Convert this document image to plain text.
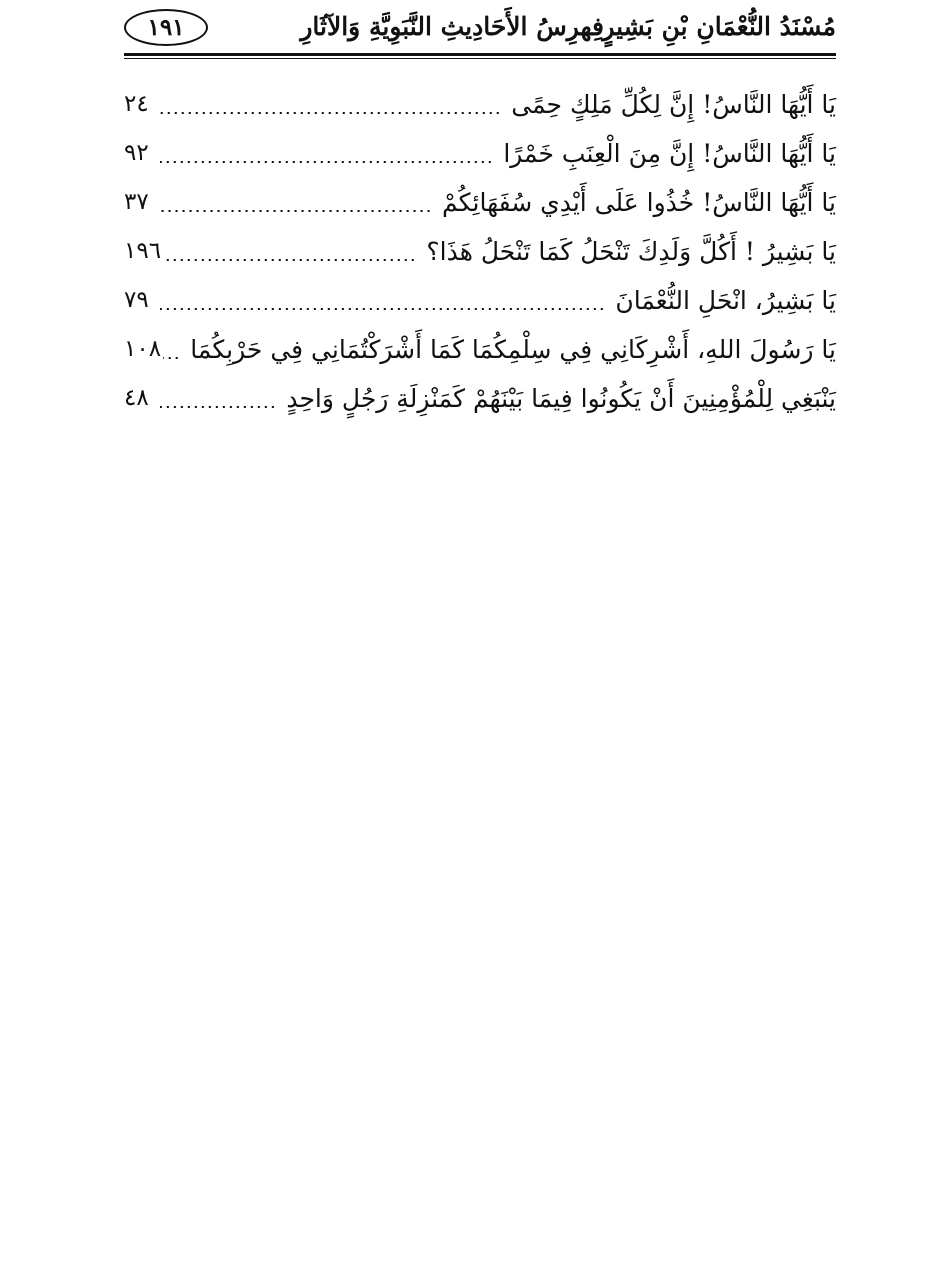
مُسْنَدُ النُّعْمَانِ بْنِ بَشِيرٍ
فِهرِسُ الأَحَادِيثِ النَّبَوِيَّةِ وَالآثَارِ
١٩١
يَا أَيُّهَا النَّاسُ! إِنَّ لِكُلِّ مَلِكٍ حِمًى
٢٤
يَا أَيُّهَا النَّاسُ! إِنَّ مِنَ الْعِنَبِ خَمْرًا
٩٢
يَا أَيُّهَا النَّاسُ! خُذُوا عَلَى أَيْدِي سُفَهَائِكُمْ
٣٧
يَا بَشِيرُ ! أَكُلَّ وَلَدِكَ تَنْحَلُ كَمَا تَنْحَلُ هَذَا؟
١٩٦
يَا بَشِيرُ، انْحَلِ النُّعْمَانَ
٧٩
يَا رَسُولَ اللهِ، أَشْرِكَانِي فِي سِلْمِكُمَا كَمَا أَشْرَكْتُمَانِي فِي حَرْبِكُمَا
١٠٨
يَنْبَغِي لِلْمُؤْمِنِينَ أَنْ يَكُونُوا فِيمَا بَيْنَهُمْ كَمَنْزِلَةِ رَجُلٍ وَاحِدٍ
٤٨
